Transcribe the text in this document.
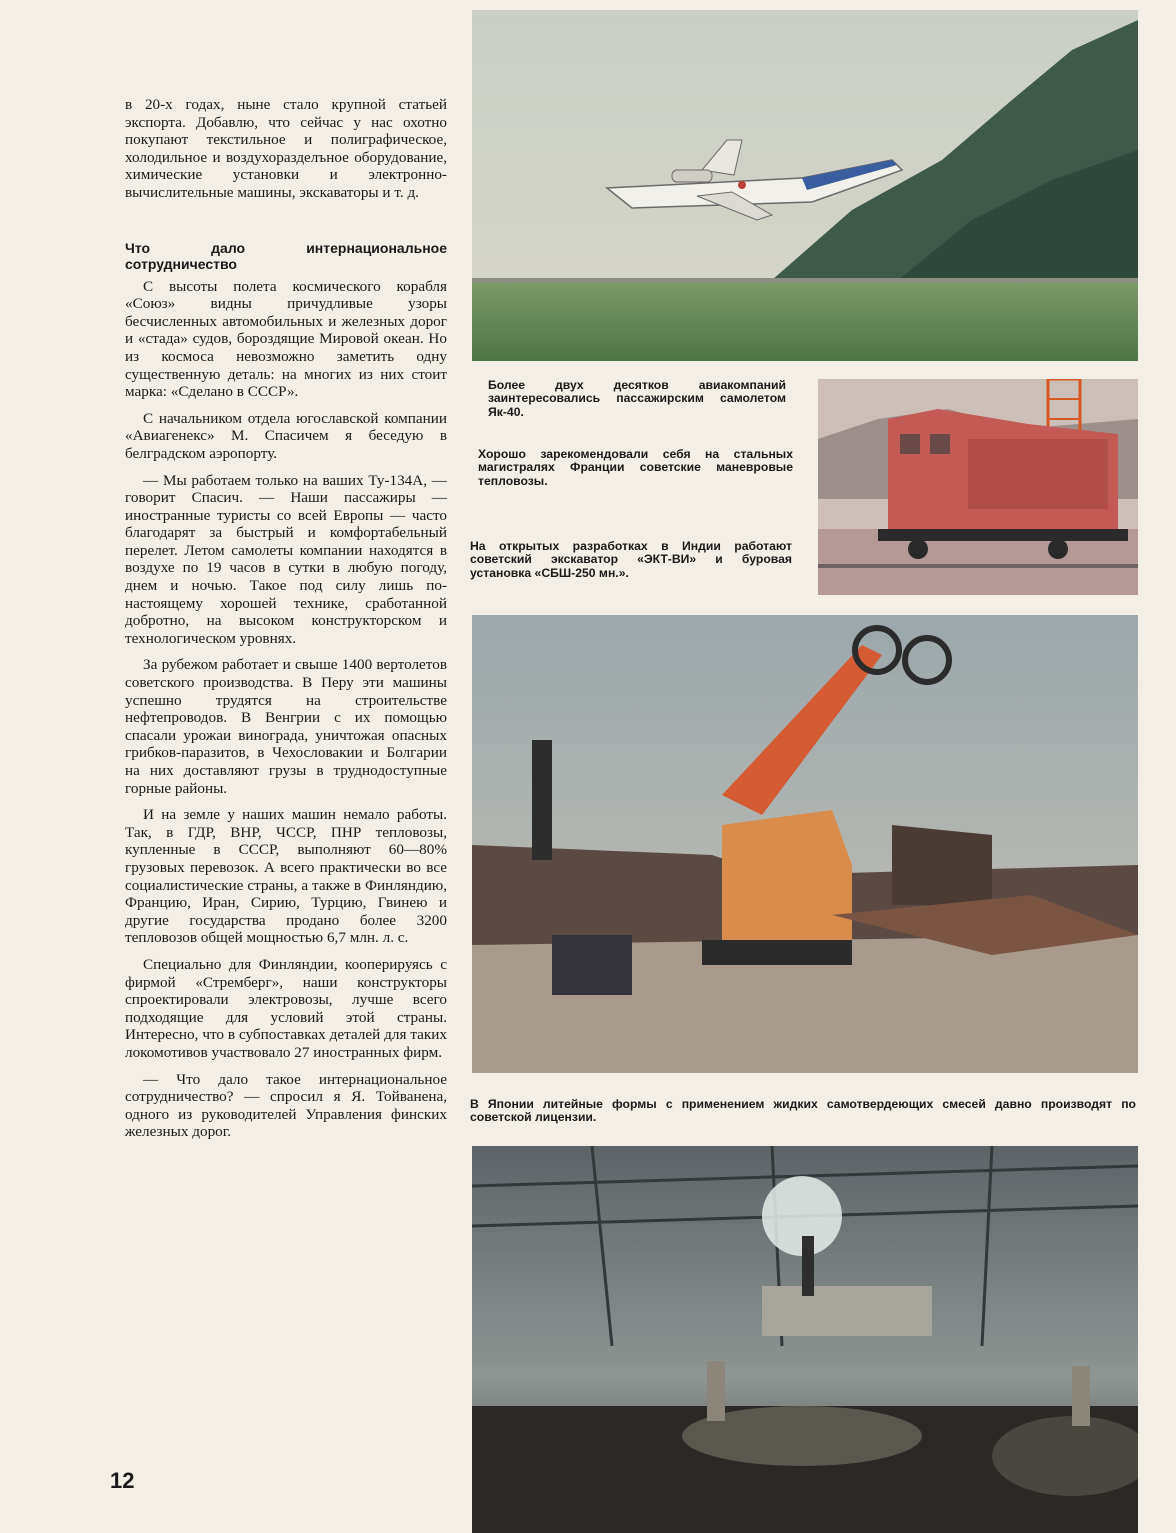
в 20-х годах, ныне стало крупной статьей экспорта. Добавлю, что сейчас у нас охотно покупают текстильное и полиграфическое, холодильное и воздухоразделъное оборудование, химические установки и электронно-вычислительные машины, экскаваторы и т. д.

Что дало интернациональное сотрудничество

С высоты полета космического корабля «Союз» видны причудливые узоры бесчисленных автомобильных и железных дорог и «стада» судов, бороздящие Мировой океан. Но из космоса невозможно заметить одну существенную деталь: на многих из них стоит марка: «Сделано в СССР».

С начальником отдела югославской компании «Авиагенекс» М. Спасичем я беседую в белградском аэропорту.

— Мы работаем только на ваших Ту-134А, — говорит Спасич. — Наши пассажиры — иностранные туристы со всей Европы — часто благодарят за быстрый и комфортабельный перелет. Летом самолеты компании находятся в воздухе по 19 часов в сутки в любую погоду, днем и ночью. Такое под силу лишь по-настоящему хорошей технике, сработанной добротно, на высоком конструкторском и технологическом уровнях.

За рубежом работает и свыше 1400 вертолетов советского производства. В Перу эти машины успешно трудятся на строительстве нефтепроводов. В Венгрии с их помощью спасали урожаи винограда, уничтожая опасных грибков-паразитов, в Чехословакии и Болгарии на них доставляют грузы в труднодоступные горные районы.

И на земле у наших машин немало работы. Так, в ГДР, ВНР, ЧССР, ПНР тепловозы, купленные в СССР, выполняют 60—80% грузовых перевозок. А всего практически во все социалистические страны, а также в Финляндию, Францию, Иран, Сирию, Турцию, Гвинею и другие государства продано более 3200 тепловозов общей мощностью 6,7 млн. л. с.

Специально для Финляндии, кооперируясь с фирмой «Стремберг», наши конструкторы спроектировали электровозы, лучше всего подходящие для условий этой страны. Интересно, что в субпоставках деталей для таких локомотивов участвовало 27 иностранных фирм.

— Что дало такое интернациональное сотрудничество? — спросил я Я. Тойванена, одного из руководителей Управления финских железных дорог.

12
Более двух десятков авиакомпаний заинтересовались пассажирским самолетом Як-40.
Хорошо зарекомендовали себя на стальных магистралях Франции советские маневровые тепловозы.
На открытых разработках в Индии работают советский экскаватор «ЭКТ-ВИ» и буровая установка «СБШ-250 мн.».
В Японии литейные формы с применением жидких самотвердеющих смесей давно производят по советской лицензии.
